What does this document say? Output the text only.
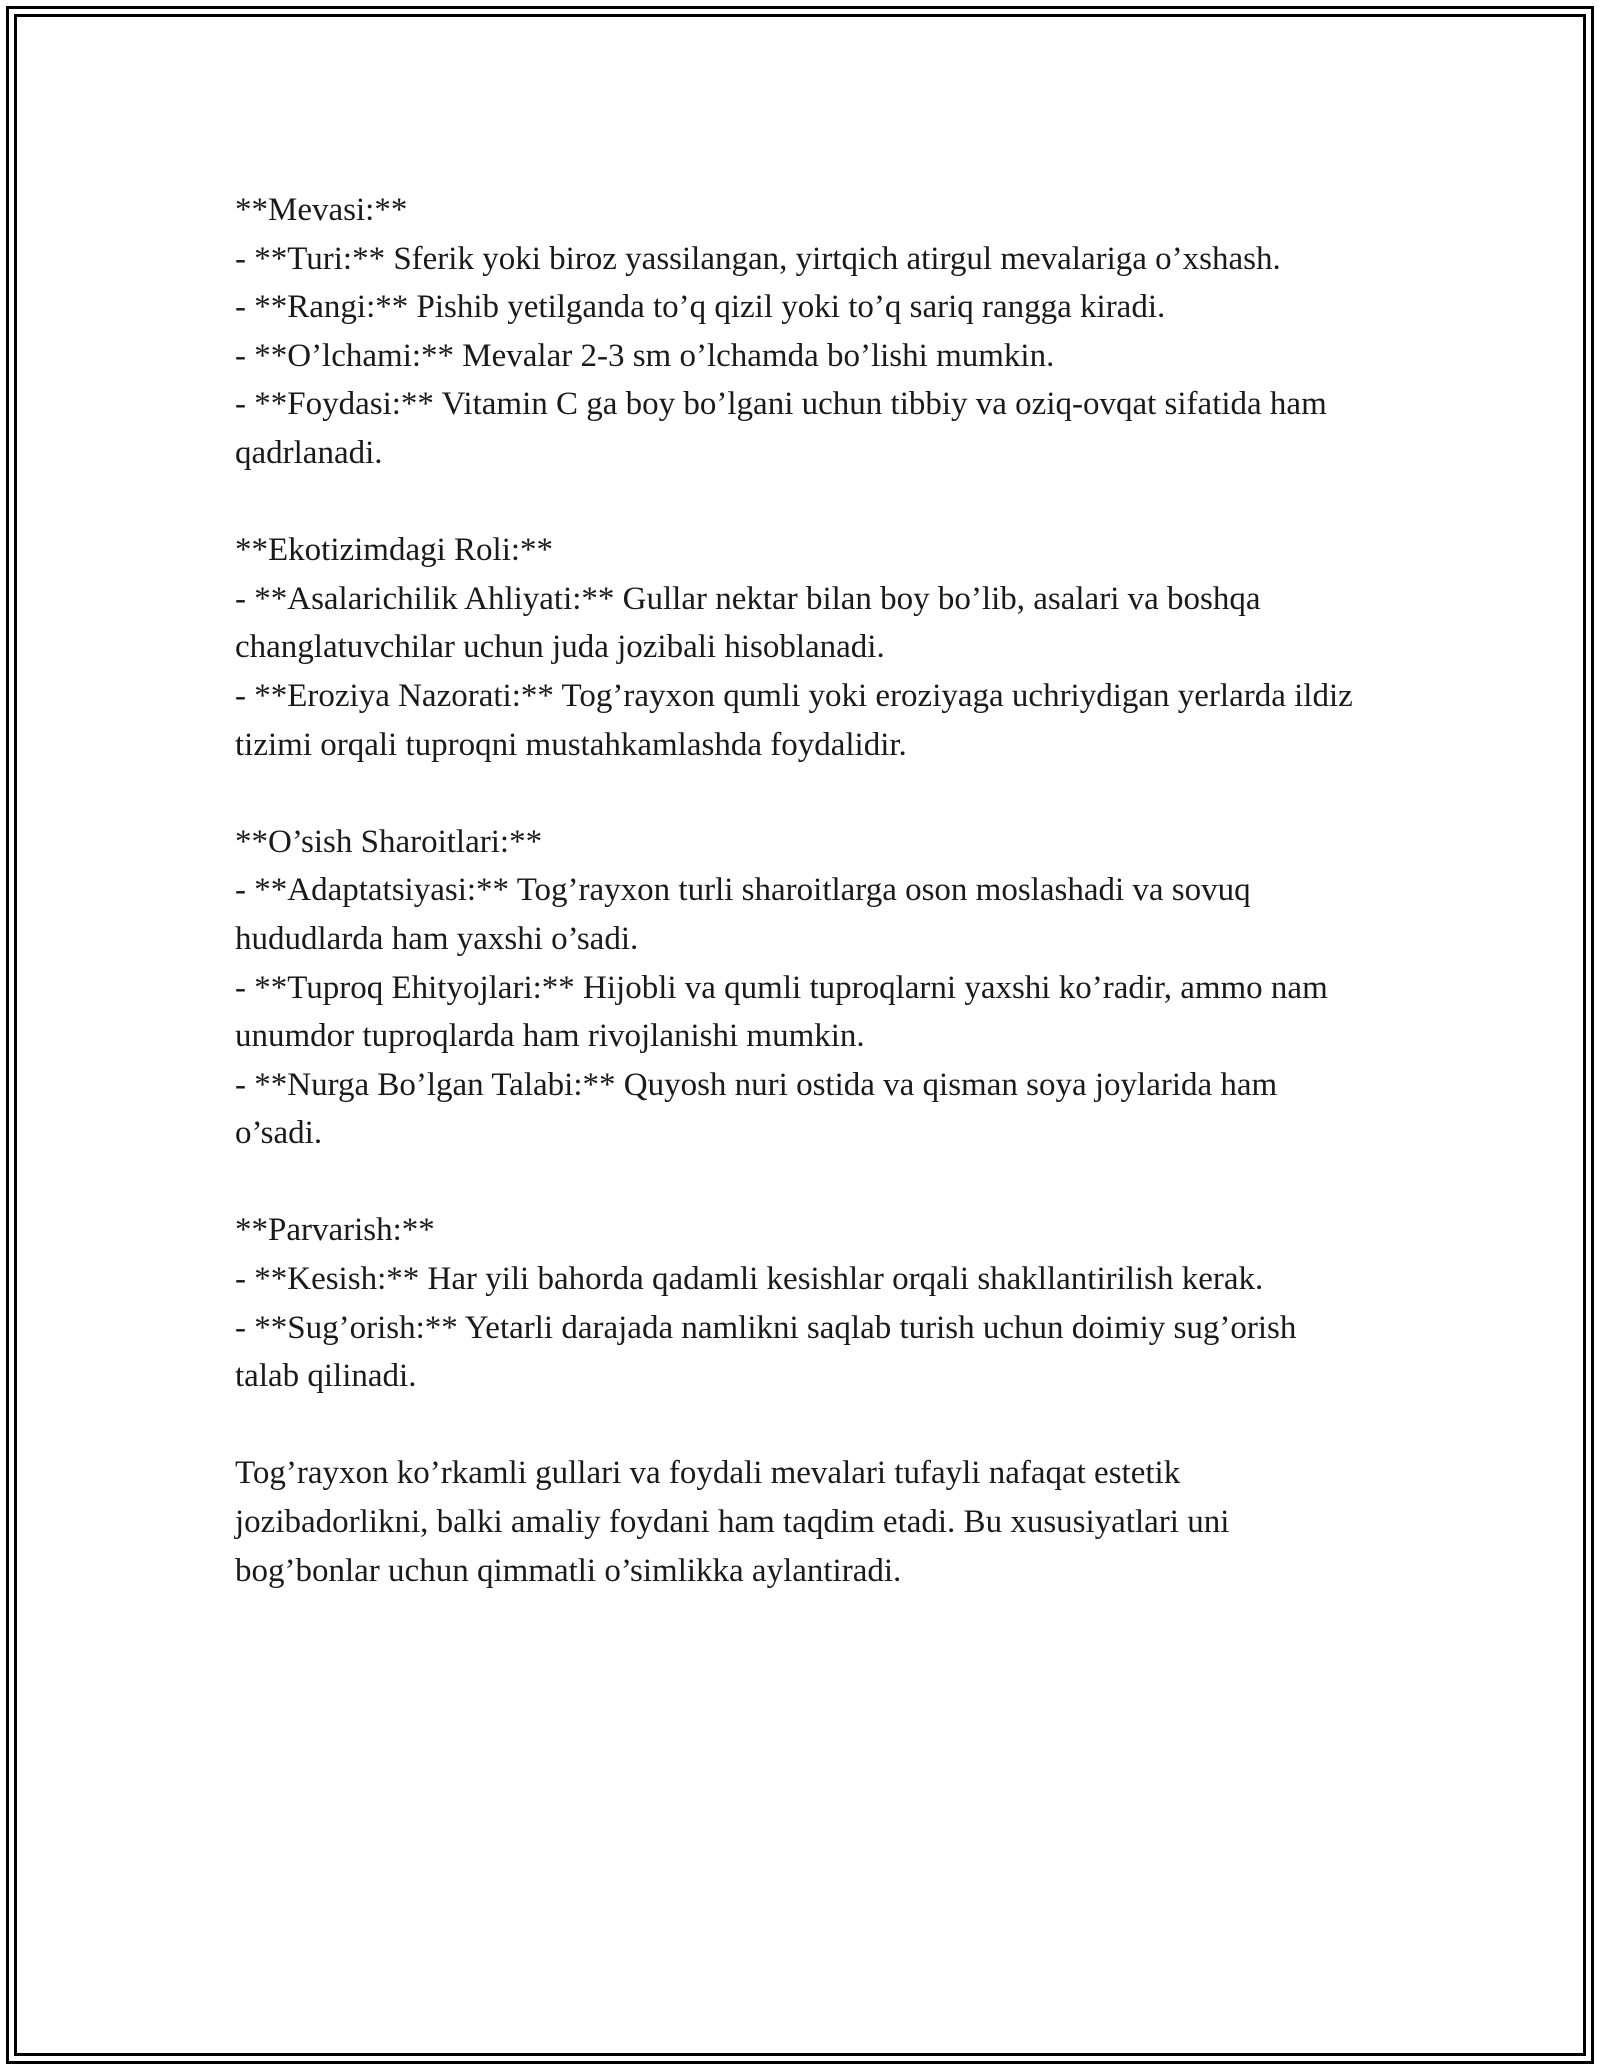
**Mevasi:**
- **Turi:** Sferik yoki biroz yassilangan, yirtqich atirgul mevalariga o’xshash.
- **Rangi:** Pishib yetilganda to’q qizil yoki to’q sariq rangga kiradi.
- **O’lchami:** Mevalar 2-3 sm o’lchamda bo’lishi mumkin.
- **Foydasi:** Vitamin C ga boy bo’lgani uchun tibbiy va oziq-ovqat sifatida ham qadrlanadi.
**Ekotizimdagi Roli:**
- **Asalarichilik Ahliyati:** Gullar nektar bilan boy bo’lib, asalari va boshqa changlatuvchilar uchun juda jozibali hisoblanadi.
- **Eroziya Nazorati:** Tog’rayxon qumli yoki eroziyaga uchriydigan yerlarda ildiz tizimi orqali tuproqni mustahkamlashda foydalidir.
**O’sish Sharoitlari:**
- **Adaptatsiyasi:** Tog’rayxon turli sharoitlarga oson moslashadi va sovuq hududlarda ham yaxshi o’sadi.
- **Tuproq Ehityojlari:** Hijobli va qumli tuproqlarni yaxshi ko’radir, ammo nam unumdor tuproqlarda ham rivojlanishi mumkin.
- **Nurga Bo’lgan Talabi:** Quyosh nuri ostida va qisman soya joylarida ham o’sadi.
**Parvarish:**
- **Kesish:** Har yili bahorda qadamli kesishlar orqali shakllantirilish kerak.
- **Sug’orish:** Yetarli darajada namlikni saqlab turish uchun doimiy sug’orish talab qilinadi.
Tog’rayxon ko’rkamli gullari va foydali mevalari tufayli nafaqat estetik jozibadorlikni, balki amaliy foydani ham taqdim etadi. Bu xususiyatlari uni bog’bonlar uchun qimmatli o’simlikka aylantiradi.
